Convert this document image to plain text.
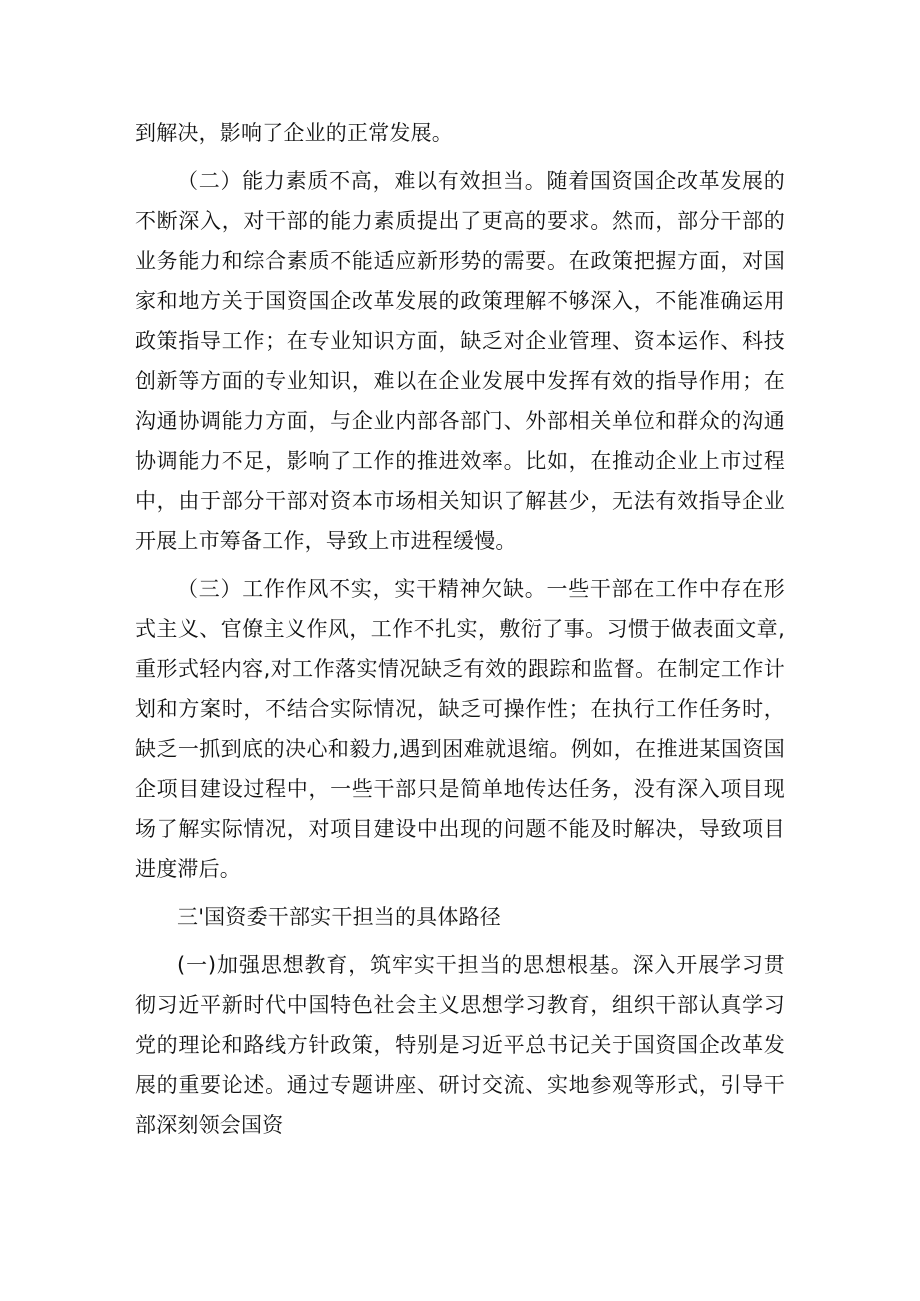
到解决，影响了企业的正常发展。

（二）能力素质不高，难以有效担当。随着国资国企改革发展的不断深入，对干部的能力素质提出了更高的要求。然而，部分干部的业务能力和综合素质不能适应新形势的需要。在政策把握方面，对国家和地方关于国资国企改革发展的政策理解不够深入，不能准确运用政策指导工作；在专业知识方面，缺乏对企业管理、资本运作、科技创新等方面的专业知识，难以在企业发展中发挥有效的指导作用；在沟通协调能力方面，与企业内部各部门、外部相关单位和群众的沟通协调能力不足，影响了工作的推进效率。比如，在推动企业上市过程中，由于部分干部对资本市场相关知识了解甚少，无法有效指导企业开展上市筹备工作，导致上市进程缓慢。

（三）工作作风不实，实干精神欠缺。一些干部在工作中存在形式主义、官僚主义作风，工作不扎实，敷衍了事。习惯于做表面文章,重形式轻内容,对工作落实情况缺乏有效的跟踪和监督。在制定工作计划和方案时，不结合实际情况，缺乏可操作性；在执行工作任务时，缺乏一抓到底的决心和毅力,遇到困难就退缩。例如，在推进某国资国企项目建设过程中，一些干部只是简单地传达任务，没有深入项目现场了解实际情况，对项目建设中出现的问题不能及时解决，导致项目进度滞后。

三'国资委干部实干担当的具体路径

(一)加强思想教育，筑牢实干担当的思想根基。深入开展学习贯彻习近平新时代中国特色社会主义思想学习教育，组织干部认真学习党的理论和路线方针政策，特别是习近平总书记关于国资国企改革发展的重要论述。通过专题讲座、研讨交流、实地参观等形式，引导干部深刻领会国资
